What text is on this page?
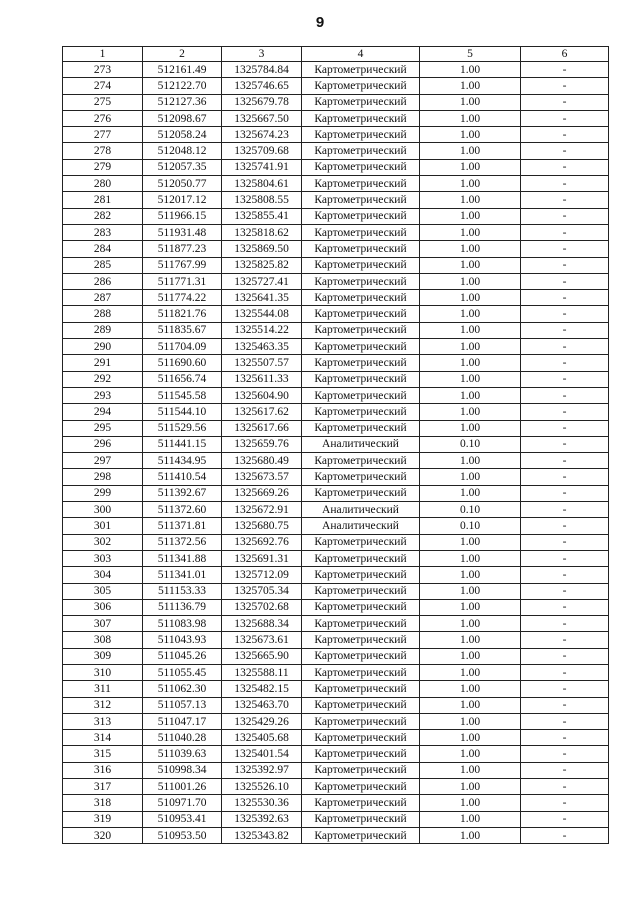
9
1	2	3	4	5	6
273	512161.49	1325784.84	Картометрический	1.00	-
274	512122.70	1325746.65	Картометрический	1.00	-
275	512127.36	1325679.78	Картометрический	1.00	-
276	512098.67	1325667.50	Картометрический	1.00	-
277	512058.24	1325674.23	Картометрический	1.00	-
278	512048.12	1325709.68	Картометрический	1.00	-
279	512057.35	1325741.91	Картометрический	1.00	-
280	512050.77	1325804.61	Картометрический	1.00	-
281	512017.12	1325808.55	Картометрический	1.00	-
282	511966.15	1325855.41	Картометрический	1.00	-
283	511931.48	1325818.62	Картометрический	1.00	-
284	511877.23	1325869.50	Картометрический	1.00	-
285	511767.99	1325825.82	Картометрический	1.00	-
286	511771.31	1325727.41	Картометрический	1.00	-
287	511774.22	1325641.35	Картометрический	1.00	-
288	511821.76	1325544.08	Картометрический	1.00	-
289	511835.67	1325514.22	Картометрический	1.00	-
290	511704.09	1325463.35	Картометрический	1.00	-
291	511690.60	1325507.57	Картометрический	1.00	-
292	511656.74	1325611.33	Картометрический	1.00	-
293	511545.58	1325604.90	Картометрический	1.00	-
294	511544.10	1325617.62	Картометрический	1.00	-
295	511529.56	1325617.66	Картометрический	1.00	-
296	511441.15	1325659.76	Аналитический	0.10	-
297	511434.95	1325680.49	Картометрический	1.00	-
298	511410.54	1325673.57	Картометрический	1.00	-
299	511392.67	1325669.26	Картометрический	1.00	-
300	511372.60	1325672.91	Аналитический	0.10	-
301	511371.81	1325680.75	Аналитический	0.10	-
302	511372.56	1325692.76	Картометрический	1.00	-
303	511341.88	1325691.31	Картометрический	1.00	-
304	511341.01	1325712.09	Картометрический	1.00	-
305	511153.33	1325705.34	Картометрический	1.00	-
306	511136.79	1325702.68	Картометрический	1.00	-
307	511083.98	1325688.34	Картометрический	1.00	-
308	511043.93	1325673.61	Картометрический	1.00	-
309	511045.26	1325665.90	Картометрический	1.00	-
310	511055.45	1325588.11	Картометрический	1.00	-
311	511062.30	1325482.15	Картометрический	1.00	-
312	511057.13	1325463.70	Картометрический	1.00	-
313	511047.17	1325429.26	Картометрический	1.00	-
314	511040.28	1325405.68	Картометрический	1.00	-
315	511039.63	1325401.54	Картометрический	1.00	-
316	510998.34	1325392.97	Картометрический	1.00	-
317	511001.26	1325526.10	Картометрический	1.00	-
318	510971.70	1325530.36	Картометрический	1.00	-
319	510953.41	1325392.63	Картометрический	1.00	-
320	510953.50	1325343.82	Картометрический	1.00	-
